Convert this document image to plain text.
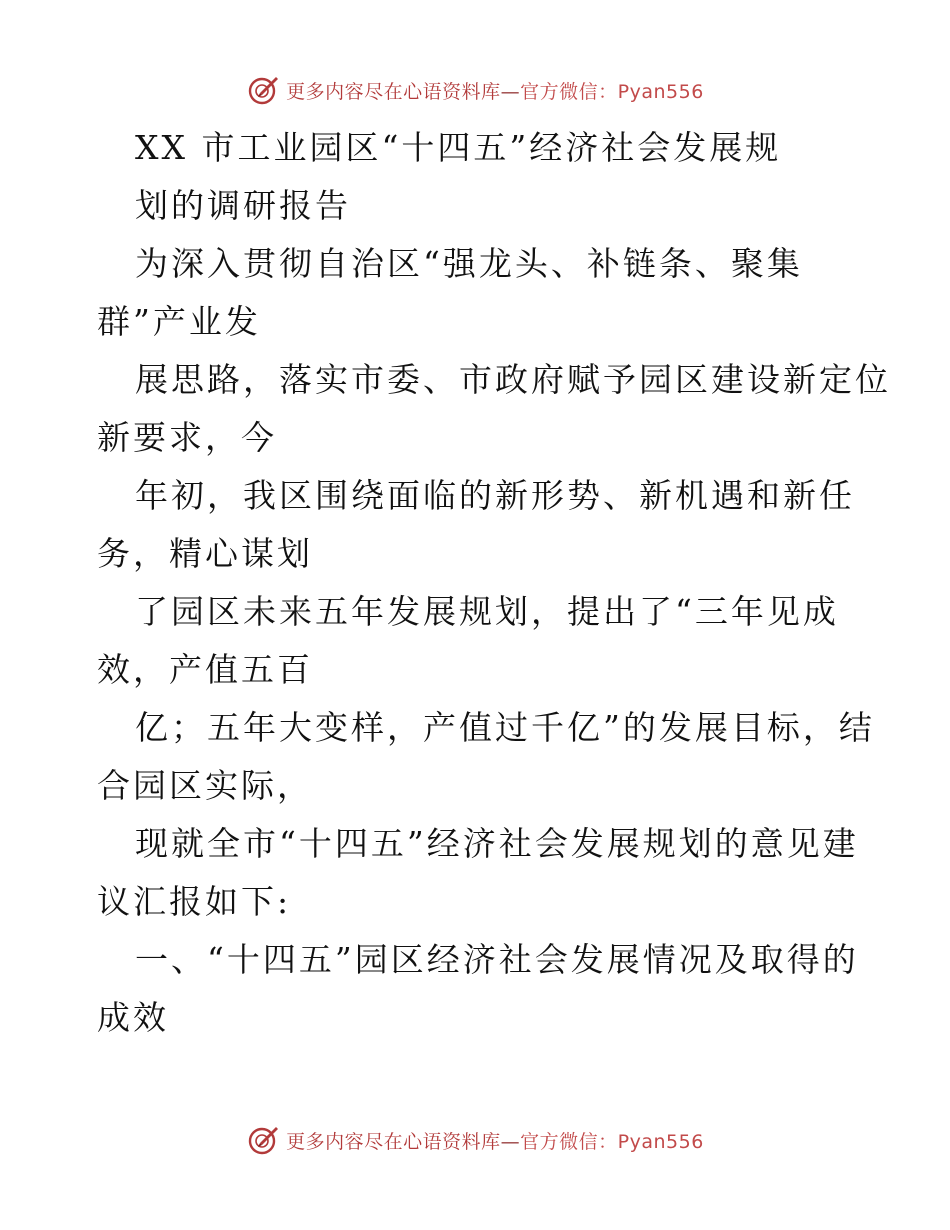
更多内容尽在心语资料库—官方微信：Pyan556
XX 市工业园区“十四五”经济社会发展规
划的调研报告
为深入贯彻自治区“强龙头、补链条、聚集
群”产业发
展思路，落实市委、市政府赋予园区建设新定位
新要求，今
年初，我区围绕面临的新形势、新机遇和新任
务，精心谋划
了园区未来五年发展规划，提出了“三年见成
效，产值五百
亿；五年大变样，产值过千亿”的发展目标，结
合园区实际，
现就全市“十四五”经济社会发展规划的意见建
议汇报如下:
一、“十四五”园区经济社会发展情况及取得的
成效
更多内容尽在心语资料库—官方微信：Pyan556
